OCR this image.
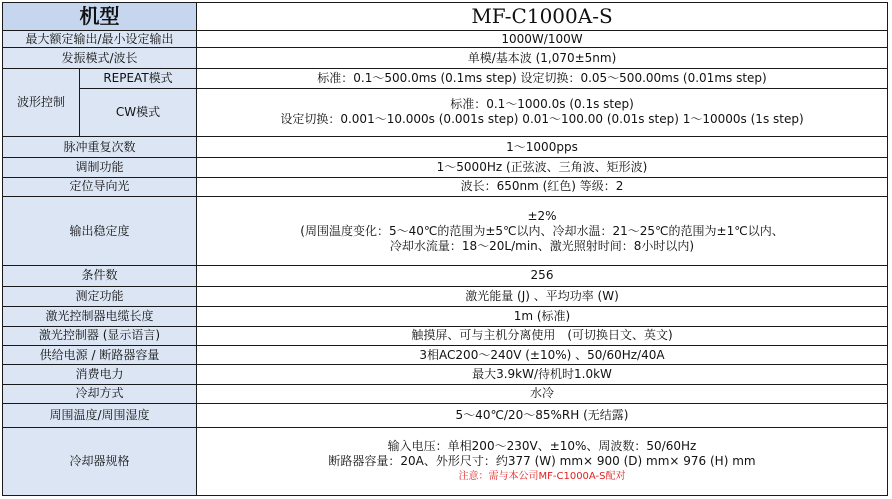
机型		MF-C1000A-S
最大额定输出/最小设定输出		1000W/100W
发振模式/波长		单模/基本波 (1,070±5nm)
波形控制	REPEAT模式	标准：0.1～500.0ms (0.1ms step) 设定切换：0.05～500.00ms (0.01ms step)
	CW模式	标准：0.1～1000.0s (0.1s step)
设定切换：0.001～10.000s (0.001s step) 0.01～100.00 (0.01s step) 1～10000s (1s step)

脉冲重复次数		1～1000pps
调制功能		1～5000Hz (正弦波、三角波、矩形波)
定位导向光		波长：650nm (红色) 等级：2
输出稳定度		±2%
(周围温度变化：5～40℃的范围为±5℃以内、冷却水温：21～25℃的范围为±1℃以内、
冷却水流量：18～20L/min、激光照射时间：8小时以内)

条件数		256
测定功能		激光能量 (J) 、平均功率 (W)
激光控制器电缆长度		1m (标准)
激光控制器 (显示语言)		触摸屏、可与主机分离使用　(可切换日文、英文)
供给电源 / 断路器容量		3相AC200～240V (±10%) 、50/60Hz/40A
消费电力		最大3.9kW/待机时1.0kW
冷却方式		水冷
周围温度/周围湿度		5～40℃/20～85%RH (无结露)
冷却器规格		输入电压：单相200～230V、±10%、周波数：50/60Hz
断路器容量：20A、外形尺寸：约377 (W) mm× 900 (D) mm× 976 (H) mm
注意：需与本公司MF-C1000A-S配对
